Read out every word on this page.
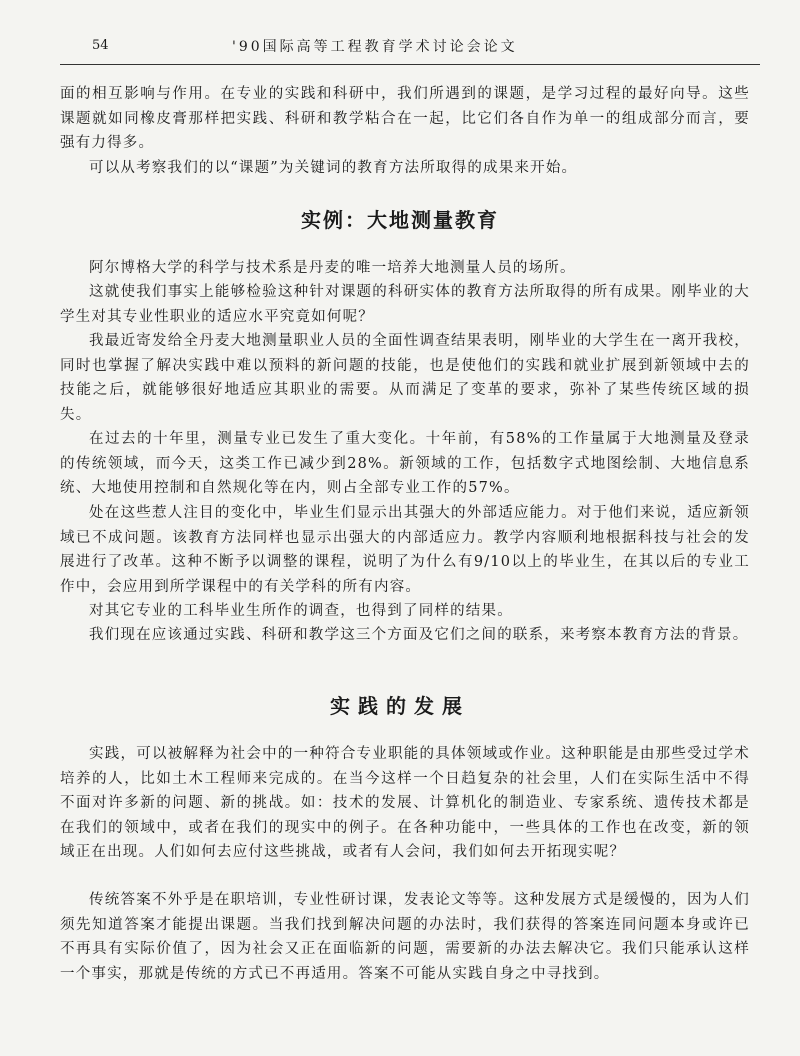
54	'90国际高等工程教育学术讨论会论文

面的相互影响与作用。在专业的实践和科研中，我们所遇到的课题，是学习过程的最好向导。这些课题就如同橡皮膏那样把实践、科研和教学粘合在一起，比它们各自作为单一的组成部分而言，要强有力得多。

可以从考察我们的以“课题”为关键词的教育方法所取得的成果来开始。

实例：大地测量教育

阿尔博格大学的科学与技术系是丹麦的唯一培养大地测量人员的场所。

这就使我们事实上能够检验这种针对课题的科研实体的教育方法所取得的所有成果。刚毕业的大学生对其专业性职业的适应水平究竟如何呢？

我最近寄发给全丹麦大地测量职业人员的全面性调查结果表明，刚毕业的大学生在一离开我校，同时也掌握了解决实践中难以预料的新问题的技能，也是使他们的实践和就业扩展到新领域中去的技能之后，就能够很好地适应其职业的需要。从而满足了变革的要求，弥补了某些传统区域的损失。

在过去的十年里，测量专业已发生了重大变化。十年前，有58%的工作量属于大地测量及登录的传统领域，而今天，这类工作已减少到28%。新领域的工作，包括数字式地图绘制、大地信息系统、大地使用控制和自然规化等在内，则占全部专业工作的57%。

处在这些惹人注目的变化中，毕业生们显示出其强大的外部适应能力。对于他们来说，适应新领域已不成问题。该教育方法同样也显示出强大的内部适应力。教学内容顺利地根据科技与社会的发展进行了改革。这种不断予以调整的课程，说明了为什么有9/10以上的毕业生，在其以后的专业工作中，会应用到所学课程中的有关学科的所有内容。

对其它专业的工科毕业生所作的调查，也得到了同样的结果。

我们现在应该通过实践、科研和教学这三个方面及它们之间的联系，来考察本教育方法的背景。

实践的发展

实践，可以被解释为社会中的一种符合专业职能的具体领域或作业。这种职能是由那些受过学术培养的人，比如土木工程师来完成的。在当今这样一个日趋复杂的社会里，人们在实际生活中不得不面对许多新的问题、新的挑战。如：技术的发展、计算机化的制造业、专家系统、遗传技术都是在我们的领域中，或者在我们的现实中的例子。在各种功能中，一些具体的工作也在改变，新的领域正在出现。人们如何去应付这些挑战，或者有人会问，我们如何去开拓现实呢？

传统答案不外乎是在职培训，专业性研讨课，发表论文等等。这种发展方式是缓慢的，因为人们须先知道答案才能提出课题。当我们找到解决问题的办法时，我们获得的答案连同问题本身或许已不再具有实际价值了，因为社会又正在面临新的问题，需要新的办法去解决它。我们只能承认这样一个事实，那就是传统的方式已不再适用。答案不可能从实践自身之中寻找到。
